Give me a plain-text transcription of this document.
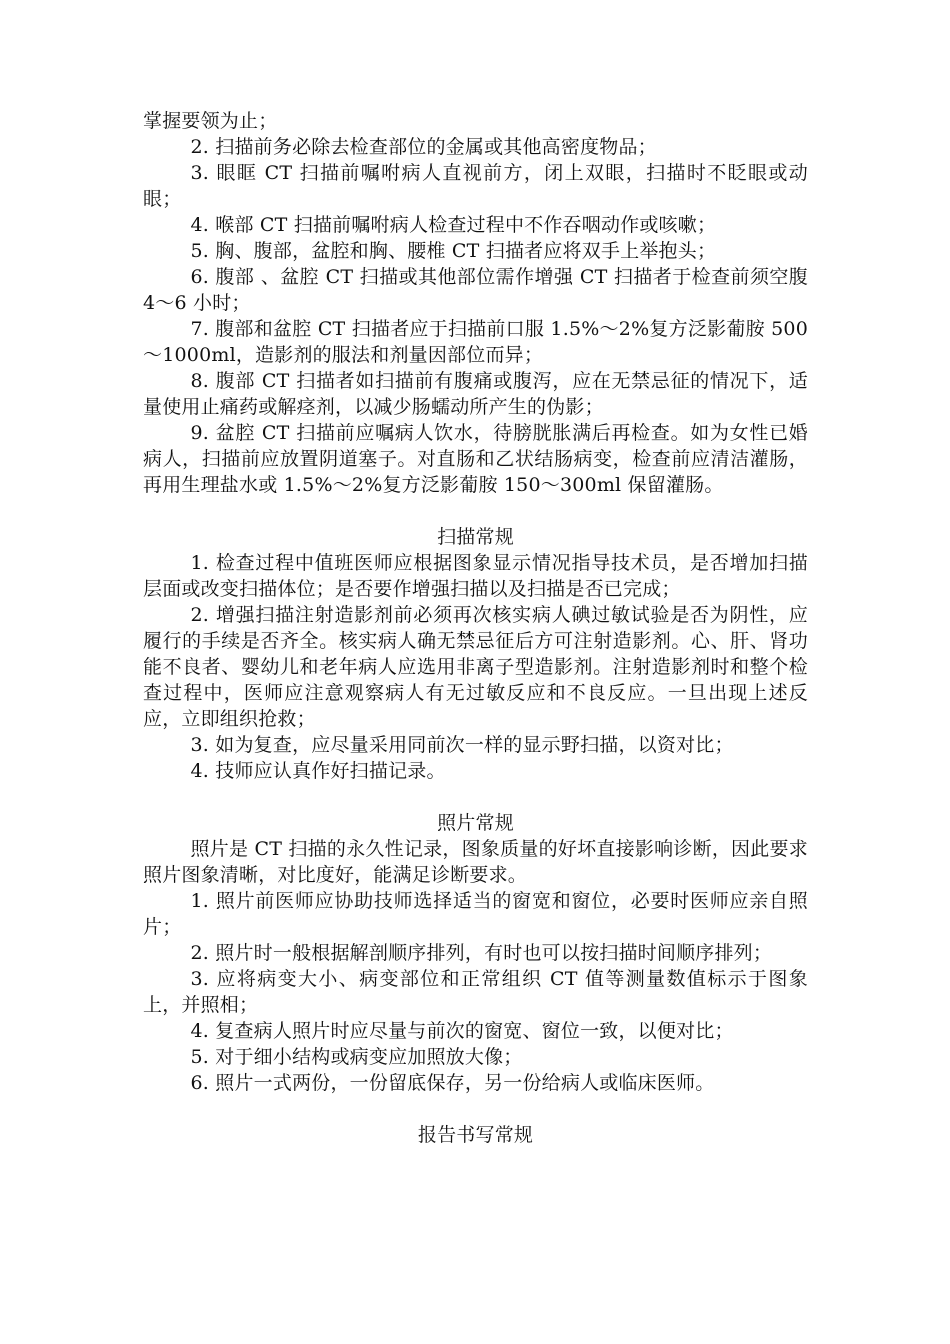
掌握要领为止；

2. 扫描前务必除去检查部位的金属或其他高密度物品；

3. 眼眶 CT 扫描前嘱咐病人直视前方，闭上双眼，扫描时不眨眼或动眼；

4. 喉部 CT 扫描前嘱咐病人检查过程中不作吞咽动作或咳嗽；

5. 胸、腹部，盆腔和胸、腰椎 CT 扫描者应将双手上举抱头；

6. 腹部 、盆腔 CT 扫描或其他部位需作增强 CT 扫描者于检查前须空腹 4～6 小时；

7. 腹部和盆腔 CT 扫描者应于扫描前口服 1.5%～2%复方泛影葡胺 500～1000ml，造影剂的服法和剂量因部位而异；

8. 腹部 CT 扫描者如扫描前有腹痛或腹泻，应在无禁忌征的情况下，适量使用止痛药或解痉剂，以减少肠蠕动所产生的伪影；

9. 盆腔 CT 扫描前应嘱病人饮水，待膀胱胀满后再检查。如为女性已婚病人，扫描前应放置阴道塞子。对直肠和乙状结肠病变，检查前应清洁灌肠，再用生理盐水或 1.5%～2%复方泛影葡胺 150～300ml 保留灌肠。

扫描常规

1. 检查过程中值班医师应根据图象显示情况指导技术员，是否增加扫描层面或改变扫描体位；是否要作增强扫描以及扫描是否已完成；

2. 增强扫描注射造影剂前必须再次核实病人碘过敏试验是否为阴性，应履行的手续是否齐全。核实病人确无禁忌征后方可注射造影剂。心、肝、肾功能不良者、婴幼儿和老年病人应选用非离子型造影剂。注射造影剂时和整个检查过程中，医师应注意观察病人有无过敏反应和不良反应。一旦出现上述反应，立即组织抢救；

3. 如为复查，应尽量采用同前次一样的显示野扫描，以资对比；

4. 技师应认真作好扫描记录。

照片常规

照片是 CT 扫描的永久性记录，图象质量的好坏直接影响诊断，因此要求照片图象清晰，对比度好，能满足诊断要求。

1. 照片前医师应协助技师选择适当的窗宽和窗位，必要时医师应亲自照片；

2. 照片时一般根据解剖顺序排列，有时也可以按扫描时间顺序排列；

3. 应将病变大小、病变部位和正常组织 CT 值等测量数值标示于图象上，并照相；

4. 复查病人照片时应尽量与前次的窗宽、窗位一致，以便对比；

5. 对于细小结构或病变应加照放大像；

6. 照片一式两份，一份留底保存，另一份给病人或临床医师。

报告书写常规
